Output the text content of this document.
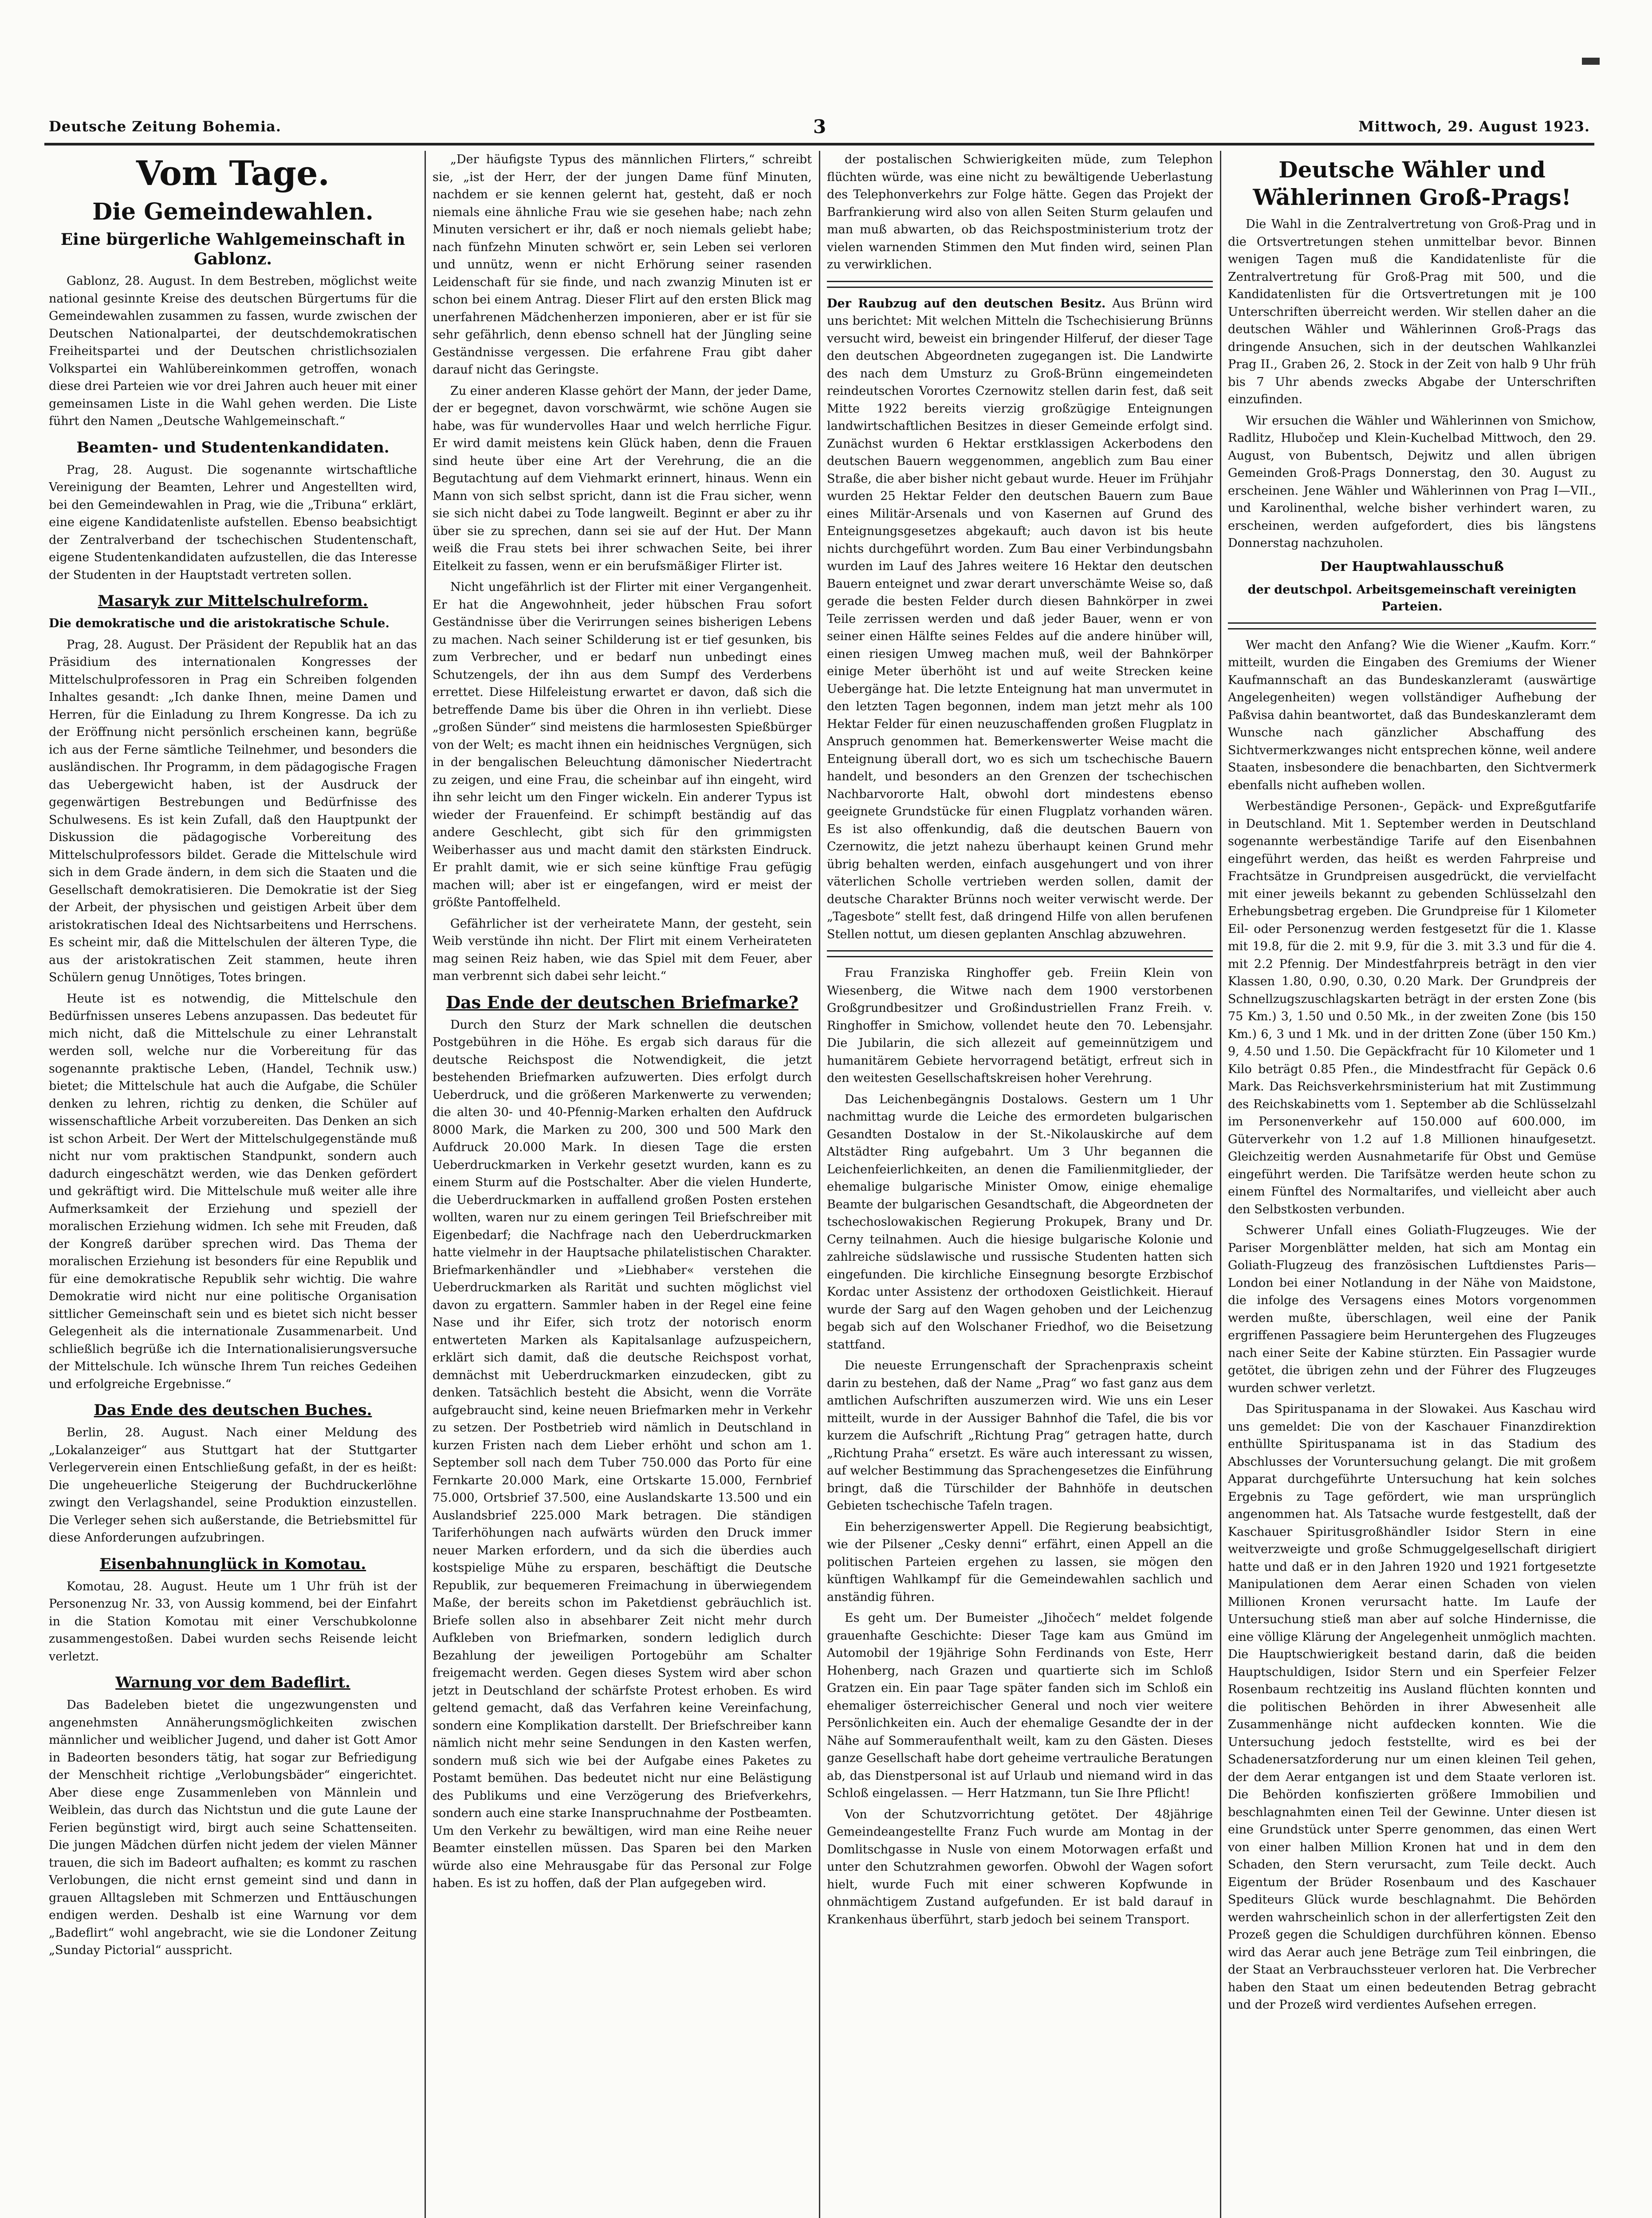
Deutsche Zeitung Bohemia.	3	Mittwoch, 29. August 1923.
Vom Tage.
Die Gemeindewahlen.
Eine bürgerliche Wahlgemeinschaft in Gablonz.

Gablonz, 28. August. In dem Bestreben, möglichst weite national gesinnte Kreise des deutschen Bürgertums für die Gemeindewahlen zusammen zu fassen, wurde zwischen der Deutschen Nationalpartei, der deutschdemokratischen Freiheitspartei und der Deutschen christlichsozialen Volkspartei ein Wahlübereinkommen getroffen, wonach diese drei Parteien wie vor drei Jahren auch heuer mit einer gemeinsamen Liste in die Wahl gehen werden. Die Liste führt den Namen „Deutsche Wahlgemeinschaft.“

Beamten- und Studentenkandidaten.

Prag, 28. August. Die sogenannte wirtschaftliche Vereinigung der Beamten, Lehrer und Angestellten wird, bei den Gemeindewahlen in Prag, wie die „Tribuna“ erklärt, eine eigene Kandidatenliste aufstellen. Ebenso beabsichtigt der Zentralverband der tschechischen Studentenschaft, eigene Studentenkandidaten aufzustellen, die das Interesse der Studenten in der Hauptstadt vertreten sollen.

Masaryk zur Mittelschulreform.

Die demokratische und die aristokratische Schule.

Prag, 28. August. Der Präsident der Republik hat an das Präsidium des internationalen Kongresses der Mittelschulprofessoren in Prag ein Schreiben folgenden Inhaltes gesandt: „Ich danke Ihnen, meine Damen und Herren, für die Einladung zu Ihrem Kongresse. Da ich zu der Eröffnung nicht persönlich erscheinen kann, begrüße ich aus der Ferne sämtliche Teilnehmer, und besonders die ausländischen. Ihr Programm, in dem pädagogische Fragen das Uebergewicht haben, ist der Ausdruck der gegenwärtigen Bestrebungen und Bedürfnisse des Schulwesens. Es ist kein Zufall, daß den Hauptpunkt der Diskussion die pädagogische Vorbereitung des Mittelschulprofessors bildet. Gerade die Mittelschule wird sich in dem Grade ändern, in dem sich die Staaten und die Gesellschaft demokratisieren. Die Demokratie ist der Sieg der Arbeit, der physischen und geistigen Arbeit über dem aristokratischen Ideal des Nichtsarbeitens und Herrschens. Es scheint mir, daß die Mittelschulen der älteren Type, die aus der aristokratischen Zeit stammen, heute ihren Schülern genug Unnötiges, Totes bringen.

Heute ist es notwendig, die Mittelschule den Bedürfnissen unseres Lebens anzupassen. Das bedeutet für mich nicht, daß die Mittelschule zu einer Lehranstalt werden soll, welche nur die Vorbereitung für das sogenannte praktische Leben, (Handel, Technik usw.) bietet; die Mittelschule hat auch die Aufgabe, die Schüler denken zu lehren, richtig zu denken, die Schüler auf wissenschaftliche Arbeit vorzubereiten. Das Denken an sich ist schon Arbeit. Der Wert der Mittelschulgegenstände muß nicht nur vom praktischen Standpunkt, sondern auch dadurch eingeschätzt werden, wie das Denken gefördert und gekräftigt wird. Die Mittelschule muß weiter alle ihre Aufmerksamkeit der Erziehung und speziell der moralischen Erziehung widmen. Ich sehe mit Freuden, daß der Kongreß darüber sprechen wird. Das Thema der moralischen Erziehung ist besonders für eine Republik und für eine demokratische Republik sehr wichtig. Die wahre Demokratie wird nicht nur eine politische Organisation sittlicher Gemeinschaft sein und es bietet sich nicht besser Gelegenheit als die internationale Zusammenarbeit. Und schließlich begrüße ich die Internationalisierungsversuche der Mittelschule. Ich wünsche Ihrem Tun reiches Gedeihen und erfolgreiche Ergebnisse.“

Das Ende des deutschen Buches.

Berlin, 28. August. Nach einer Meldung des „Lokalanzeiger“ aus Stuttgart hat der Stuttgarter Verlegerverein einen Entschließung gefaßt, in der es heißt: Die ungeheuerliche Steigerung der Buchdruckerlöhne zwingt den Verlagshandel, seine Produktion einzustellen. Die Verleger sehen sich außerstande, die Betriebsmittel für diese Anforderungen aufzubringen.

Eisenbahnunglück in Komotau.

Komotau, 28. August. Heute um 1 Uhr früh ist der Personenzug Nr. 33, von Aussig kommend, bei der Einfahrt in die Station Komotau mit einer Verschubkolonne zusammengestoßen. Dabei wurden sechs Reisende leicht verletzt.

Warnung vor dem Badeflirt.

Das Badeleben bietet die ungezwungensten und angenehmsten Annäherungsmöglichkeiten zwischen männlicher und weiblicher Jugend, und daher ist Gott Amor in Badeorten besonders tätig, hat sogar zur Befriedigung der Menschheit richtige „Verlobungsbäder“ eingerichtet. Aber diese enge Zusammenleben von Männlein und Weiblein, das durch das Nichtstun und die gute Laune der Ferien begünstigt wird, birgt auch seine Schattenseiten. Die jungen Mädchen dürfen nicht jedem der vielen Männer trauen, die sich im Badeort aufhalten; es kommt zu raschen Verlobungen, die nicht ernst gemeint sind und dann in grauen Alltagsleben mit Schmerzen und Enttäuschungen endigen werden. Deshalb ist eine Warnung vor dem „Badeflirt“ wohl angebracht, wie sie die Londoner Zeitung „Sunday Pictorial“ ausspricht.

„Der häufigste Typus des männlichen Flirters,“ schreibt sie, „ist der Herr, der der jungen Dame fünf Minuten, nachdem er sie kennen gelernt hat, gesteht, daß er noch niemals eine ähnliche Frau wie sie gesehen habe; nach zehn Minuten versichert er ihr, daß er noch niemals geliebt habe; nach fünfzehn Minuten schwört er, sein Leben sei verloren und unnütz, wenn er nicht Erhörung seiner rasenden Leidenschaft für sie finde, und nach zwanzig Minuten ist er schon bei einem Antrag. Dieser Flirt auf den ersten Blick mag unerfahrenen Mädchenherzen imponieren, aber er ist für sie sehr gefährlich, denn ebenso schnell hat der Jüngling seine Geständnisse vergessen. Die erfahrene Frau gibt daher darauf nicht das Geringste.

Zu einer anderen Klasse gehört der Mann, der jeder Dame, der er begegnet, davon vorschwärmt, wie schöne Augen sie habe, was für wundervolles Haar und welch herrliche Figur. Er wird damit meistens kein Glück haben, denn die Frauen sind heute über eine Art der Verehrung, die an die Begutachtung auf dem Viehmarkt erinnert, hinaus. Wenn ein Mann von sich selbst spricht, dann ist die Frau sicher, wenn sie sich nicht dabei zu Tode langweilt. Beginnt er aber zu ihr über sie zu sprechen, dann sei sie auf der Hut. Der Mann weiß die Frau stets bei ihrer schwachen Seite, bei ihrer Eitelkeit zu fassen, wenn er ein berufsmäßiger Flirter ist.

Nicht ungefährlich ist der Flirter mit einer Vergangenheit. Er hat die Angewohnheit, jeder hübschen Frau sofort Geständnisse über die Verirrungen seines bisherigen Lebens zu machen. Nach seiner Schilderung ist er tief gesunken, bis zum Verbrecher, und er bedarf nun unbedingt eines Schutzengels, der ihn aus dem Sumpf des Verderbens errettet. Diese Hilfeleistung erwartet er davon, daß sich die betreffende Dame bis über die Ohren in ihn verliebt. Diese „großen Sünder“ sind meistens die harmlosesten Spießbürger von der Welt; es macht ihnen ein heidnisches Vergnügen, sich in der bengalischen Beleuchtung dämonischer Niedertracht zu zeigen, und eine Frau, die scheinbar auf ihn eingeht, wird ihn sehr leicht um den Finger wickeln. Ein anderer Typus ist wieder der Frauenfeind. Er schimpft beständig auf das andere Geschlecht, gibt sich für den grimmigsten Weiberhasser aus und macht damit den stärksten Eindruck. Er prahlt damit, wie er sich seine künftige Frau gefügig machen will; aber ist er eingefangen, wird er meist der größte Pantoffelheld.

Gefährlicher ist der verheiratete Mann, der gesteht, sein Weib verstünde ihn nicht. Der Flirt mit einem Verheirateten mag seinen Reiz haben, wie das Spiel mit dem Feuer, aber man verbrennt sich dabei sehr leicht.“

Das Ende der deutschen Briefmarke?

Durch den Sturz der Mark schnellen die deutschen Postgebühren in die Höhe. Es ergab sich daraus für die deutsche Reichspost die Notwendigkeit, die jetzt bestehenden Briefmarken aufzuwerten. Dies erfolgt durch Ueberdruck, und die größeren Markenwerte zu verwenden; die alten 30- und 40-Pfennig-Marken erhalten den Aufdruck 8000 Mark, die Marken zu 200, 300 und 500 Mark den Aufdruck 20.000 Mark. In diesen Tage die ersten Ueberdruckmarken in Verkehr gesetzt wurden, kann es zu einem Sturm auf die Postschalter. Aber die vielen Hunderte, die Ueberdruckmarken in auffallend großen Posten erstehen wollten, waren nur zu einem geringen Teil Briefschreiber mit Eigenbedarf; die Nachfrage nach den Ueberdruckmarken hatte vielmehr in der Hauptsache philatelistischen Charakter. Briefmarkenhändler und »Liebhaber« verstehen die Ueberdruckmarken als Rarität und suchten möglichst viel davon zu ergattern. Sammler haben in der Regel eine feine Nase und ihr Eifer, sich trotz der notorisch enorm entwerteten Marken als Kapitalsanlage aufzuspeichern, erklärt sich damit, daß die deutsche Reichspost vorhat, demnächst mit Ueberdruckmarken einzudecken, gibt zu denken. Tatsächlich besteht die Absicht, wenn die Vorräte aufgebraucht sind, keine neuen Briefmarken mehr in Verkehr zu setzen. Der Postbetrieb wird nämlich in Deutschland in kurzen Fristen nach dem Lieber erhöht und schon am 1. September soll nach dem Tuber 750.000 das Porto für eine Fernkarte 20.000 Mark, eine Ortskarte 15.000, Fernbrief 75.000, Ortsbrief 37.500, eine Auslandskarte 13.500 und ein Auslandsbrief 225.000 Mark betragen. Die ständigen Tariferhöhungen nach aufwärts würden den Druck immer neuer Marken erfordern, und da sich die überdies auch kostspielige Mühe zu ersparen, beschäftigt die Deutsche Republik, zur bequemeren Freimachung in überwiegendem Maße, der bereits schon im Paketdienst gebräuchlich ist. Briefe sollen also in absehbarer Zeit nicht mehr durch Aufkleben von Briefmarken, sondern lediglich durch Bezahlung der jeweiligen Portogebühr am Schalter freigemacht werden. Gegen dieses System wird aber schon jetzt in Deutschland der schärfste Protest erhoben. Es wird geltend gemacht, daß das Verfahren keine Vereinfachung, sondern eine Komplikation darstellt. Der Briefschreiber kann nämlich nicht mehr seine Sendungen in den Kasten werfen, sondern muß sich wie bei der Aufgabe eines Paketes zu Postamt bemühen. Das bedeutet nicht nur eine Belästigung des Publikums und eine Verzögerung des Briefverkehrs, sondern auch eine starke Inanspruchnahme der Postbeamten. Um den Verkehr zu bewältigen, wird man eine Reihe neuer Beamter einstellen müssen. Das Sparen bei den Marken würde also eine Mehrausgabe für das Personal zur Folge haben. Es ist zu hoffen, daß der Plan aufgegeben wird.

der postalischen Schwierigkeiten müde, zum Telephon flüchten würde, was eine nicht zu bewältigende Ueberlastung des Telephonverkehrs zur Folge hätte. Gegen das Projekt der Barfrankierung wird also von allen Seiten Sturm gelaufen und man muß abwarten, ob das Reichspostministerium trotz der vielen warnenden Stimmen den Mut finden wird, seinen Plan zu verwirklichen.

Der Raubzug auf den deutschen Besitz. Aus Brünn wird uns berichtet: Mit welchen Mitteln die Tschechisierung Brünns versucht wird, beweist ein bringender Hilferuf, der dieser Tage den deutschen Abgeordneten zugegangen ist. Die Landwirte des nach dem Umsturz zu Groß-Brünn eingemeindeten reindeutschen Vorortes Czernowitz stellen darin fest, daß seit Mitte 1922 bereits vierzig großzügige Enteignungen landwirtschaftlichen Besitzes in dieser Gemeinde erfolgt sind. Zunächst wurden 6 Hektar erstklassigen Ackerbodens den deutschen Bauern weggenommen, angeblich zum Bau einer Straße, die aber bisher nicht gebaut wurde. Heuer im Frühjahr wurden 25 Hektar Felder den deutschen Bauern zum Baue eines Militär-Arsenals und von Kasernen auf Grund des Enteignungsgesetzes abgekauft; auch davon ist bis heute nichts durchgeführt worden. Zum Bau einer Verbindungsbahn wurden im Lauf des Jahres weitere 16 Hektar den deutschen Bauern enteignet und zwar derart unverschämte Weise so, daß gerade die besten Felder durch diesen Bahnkörper in zwei Teile zerrissen werden und daß jeder Bauer, wenn er von seiner einen Hälfte seines Feldes auf die andere hinüber will, einen riesigen Umweg machen muß, weil der Bahnkörper einige Meter überhöht ist und auf weite Strecken keine Uebergänge hat. Die letzte Enteignung hat man unvermutet in den letzten Tagen begonnen, indem man jetzt mehr als 100 Hektar Felder für einen neuzuschaffenden großen Flugplatz in Anspruch genommen hat. Bemerkenswerter Weise macht die Enteignung überall dort, wo es sich um tschechische Bauern handelt, und besonders an den Grenzen der tschechischen Nachbarvororte Halt, obwohl dort mindestens ebenso geeignete Grundstücke für einen Flugplatz vorhanden wären. Es ist also offenkundig, daß die deutschen Bauern von Czernowitz, die jetzt nahezu überhaupt keinen Grund mehr übrig behalten werden, einfach ausgehungert und von ihrer väterlichen Scholle vertrieben werden sollen, damit der deutsche Charakter Brünns noch weiter verwischt werde. Der „Tagesbote“ stellt fest, daß dringend Hilfe von allen berufenen Stellen nottut, um diesen geplanten Anschlag abzuwehren.

Frau Franziska Ringhoffer geb. Freiin Klein von Wiesenberg, die Witwe nach dem 1900 verstorbenen Großgrundbesitzer und Großindustriellen Franz Freih. v. Ringhoffer in Smichow, vollendet heute den 70. Lebensjahr. Die Jubilarin, die sich allezeit auf gemeinnützigem und humanitärem Gebiete hervorragend betätigt, erfreut sich in den weitesten Gesellschaftskreisen hoher Verehrung.

Das Leichenbegängnis Dostalows. Gestern um 1 Uhr nachmittag wurde die Leiche des ermordeten bulgarischen Gesandten Dostalow in der St.-Nikolauskirche auf dem Altstädter Ring aufgebahrt. Um 3 Uhr begannen die Leichenfeierlichkeiten, an denen die Familienmitglieder, der ehemalige bulgarische Minister Omow, einige ehemalige Beamte der bulgarischen Gesandtschaft, die Abgeordneten der tschechoslowakischen Regierung Prokupek, Brany und Dr. Cerny teilnahmen. Auch die hiesige bulgarische Kolonie und zahlreiche südslawische und russische Studenten hatten sich eingefunden. Die kirchliche Einsegnung besorgte Erzbischof Kordac unter Assistenz der orthodoxen Geistlichkeit. Hierauf wurde der Sarg auf den Wagen gehoben und der Leichenzug begab sich auf den Wolschaner Friedhof, wo die Beisetzung stattfand.

Die neueste Errungenschaft der Sprachenpraxis scheint darin zu bestehen, daß der Name „Prag“ wo fast ganz aus dem amtlichen Aufschriften auszumerzen wird. Wie uns ein Leser mitteilt, wurde in der Aussiger Bahnhof die Tafel, die bis vor kurzem die Aufschrift „Richtung Prag“ getragen hatte, durch „Richtung Praha“ ersetzt. Es wäre auch interessant zu wissen, auf welcher Bestimmung das Sprachengesetzes die Einführung bringt, daß die Türschilder der Bahnhöfe in deutschen Gebieten tschechische Tafeln tragen.

Ein beherzigenswerter Appell. Die Regierung beabsichtigt, wie der Pilsener „Cesky denni“ erfährt, einen Appell an die politischen Parteien ergehen zu lassen, sie mögen den künftigen Wahlkampf für die Gemeindewahlen sachlich und anständig führen.

Es geht um. Der Bumeister „Jihočech“ meldet folgende grauenhafte Geschichte: Dieser Tage kam aus Gmünd im Automobil der 19jährige Sohn Ferdinands von Este, Herr Hohenberg, nach Grazen und quartierte sich im Schloß Gratzen ein. Ein paar Tage später fanden sich im Schloß ein ehemaliger österreichischer General und noch vier weitere Persönlichkeiten ein. Auch der ehemalige Gesandte der in der Nähe auf Sommeraufenthalt weilt, kam zu den Gästen. Dieses ganze Gesellschaft habe dort geheime vertrauliche Beratungen ab, das Dienstpersonal ist auf Urlaub und niemand wird in das Schloß eingelassen. — Herr Hatzmann, tun Sie Ihre Pflicht!

Von der Schutzvorrichtung getötet. Der 48jährige Gemeindeangestellte Franz Fuch wurde am Montag in der Domlitschgasse in Nusle von einem Motorwagen erfaßt und unter den Schutzrahmen geworfen. Obwohl der Wagen sofort hielt, wurde Fuch mit einer schweren Kopfwunde in ohnmächtigem Zustand aufgefunden. Er ist bald darauf in Krankenhaus überführt, starb jedoch bei seinem Transport.

Deutsche Wähler und Wählerinnen Groß-Prags!

Die Wahl in die Zentralvertretung von Groß-Prag und in die Ortsvertretungen stehen unmittelbar bevor. Binnen wenigen Tagen muß die Kandidatenliste für die Zentralvertretung für Groß-Prag mit 500, und die Kandidatenlisten für die Ortsvertretungen mit je 100 Unterschriften überreicht werden. Wir stellen daher an die deutschen Wähler und Wählerinnen Groß-Prags das dringende Ansuchen, sich in der deutschen Wahlkanzlei Prag II., Graben 26, 2. Stock in der Zeit von halb 9 Uhr früh bis 7 Uhr abends zwecks Abgabe der Unterschriften einzufinden.

Wir ersuchen die Wähler und Wählerinnen von Smichow, Radlitz, Hlubočep und Klein-Kuchelbad Mittwoch, den 29. August, von Bubentsch, Dejwitz und allen übrigen Gemeinden Groß-Prags Donnerstag, den 30. August zu erscheinen. Jene Wähler und Wählerinnen von Prag I—VII., und Karolinenthal, welche bisher verhindert waren, zu erscheinen, werden aufgefordert, dies bis längstens Donnerstag nachzuholen.

Der Hauptwahlausschuß
der deutschpol. Arbeitsgemeinschaft vereinigten Parteien.

Wer macht den Anfang? Wie die Wiener „Kaufm. Korr.“ mitteilt, wurden die Eingaben des Gremiums der Wiener Kaufmannschaft an das Bundeskanzleramt (auswärtige Angelegenheiten) wegen vollständiger Aufhebung der Paßvisa dahin beantwortet, daß das Bundeskanzleramt dem Wunsche nach gänzlicher Abschaffung des Sichtvermerkzwanges nicht entsprechen könne, weil andere Staaten, insbesondere die benachbarten, den Sichtvermerk ebenfalls nicht aufheben wollen.

Werbeständige Personen-, Gepäck- und Expreßgutfarife in Deutschland. Mit 1. September werden in Deutschland sogenannte werbeständige Tarife auf den Eisenbahnen eingeführt werden, das heißt es werden Fahrpreise und Frachtsätze in Grundpreisen ausgedrückt, die vervielfacht mit einer jeweils bekannt zu gebenden Schlüsselzahl den Erhebungsbetrag ergeben. Die Grundpreise für 1 Kilometer Eil- oder Personenzug werden festgesetzt für die 1. Klasse mit 19.8, für die 2. mit 9.9, für die 3. mit 3.3 und für die 4. mit 2.2 Pfennig. Der Mindestfahrpreis beträgt in den vier Klassen 1.80, 0.90, 0.30, 0.20 Mark. Der Grundpreis der Schnellzugszuschlagskarten beträgt in der ersten Zone (bis 75 Km.) 3, 1.50 und 0.50 Mk., in der zweiten Zone (bis 150 Km.) 6, 3 und 1 Mk. und in der dritten Zone (über 150 Km.) 9, 4.50 und 1.50. Die Gepäckfracht für 10 Kilometer und 1 Kilo beträgt 0.85 Pfen., die Mindestfracht für Gepäck 0.6 Mark. Das Reichsverkehrsministerium hat mit Zustimmung des Reichskabinetts vom 1. September ab die Schlüsselzahl im Personenverkehr auf 150.000 auf 600.000, im Güterverkehr von 1.2 auf 1.8 Millionen hinaufgesetzt. Gleichzeitig werden Ausnahmetarife für Obst und Gemüse eingeführt werden. Die Tarifsätze werden heute schon zu einem Fünftel des Normaltarifes, und vielleicht aber auch den Selbstkosten verbunden.

Schwerer Unfall eines Goliath-Flugzeuges. Wie der Pariser Morgenblätter melden, hat sich am Montag ein Goliath-Flugzeug des französischen Luftdienstes Paris—London bei einer Notlandung in der Nähe von Maidstone, die infolge des Versagens eines Motors vorgenommen werden mußte, überschlagen, weil eine der Panik ergriffenen Passagiere beim Heruntergehen des Flugzeuges nach einer Seite der Kabine stürzten. Ein Passagier wurde getötet, die übrigen zehn und der Führer des Flugzeuges wurden schwer verletzt.

Das Spirituspanama in der Slowakei. Aus Kaschau wird uns gemeldet: Die von der Kaschauer Finanzdirektion enthüllte Spirituspanama ist in das Stadium des Abschlusses der Voruntersuchung gelangt. Die mit großem Apparat durchgeführte Untersuchung hat kein solches Ergebnis zu Tage gefördert, wie man ursprünglich angenommen hat. Als Tatsache wurde festgestellt, daß der Kaschauer Spiritusgroßhändler Isidor Stern in eine weitverzweigte und große Schmuggelgesellschaft dirigiert hatte und daß er in den Jahren 1920 und 1921 fortgesetzte Manipulationen dem Aerar einen Schaden von vielen Millionen Kronen verursacht hatte. Im Laufe der Untersuchung stieß man aber auf solche Hindernisse, die eine völlige Klärung der Angelegenheit unmöglich machten. Die Hauptschwierigkeit bestand darin, daß die beiden Hauptschuldigen, Isidor Stern und ein Sperfeier Felzer Rosenbaum rechtzeitig ins Ausland flüchten konnten und die politischen Behörden in ihrer Abwesenheit alle Zusammenhänge nicht aufdecken konnten. Wie die Untersuchung jedoch feststellte, wird es bei der Schadenersatzforderung nur um einen kleinen Teil gehen, der dem Aerar entgangen ist und dem Staate verloren ist. Die Behörden konfiszierten größere Immobilien und beschlagnahmten einen Teil der Gewinne. Unter diesen ist eine Grundstück unter Sperre genommen, das einen Wert von einer halben Million Kronen hat und in dem den Schaden, den Stern verursacht, zum Teile deckt. Auch Eigentum der Brüder Rosenbaum und des Kaschauer Spediteurs Glück wurde beschlagnahmt. Die Behörden werden wahrscheinlich schon in der allerfertigsten Zeit den Prozeß gegen die Schuldigen durchführen können. Ebenso wird das Aerar auch jene Beträge zum Teil einbringen, die der Staat an Verbrauchssteuer verloren hat. Die Verbrecher haben den Staat um einen bedeutenden Betrag gebracht und der Prozeß wird verdientes Aufsehen erregen.
